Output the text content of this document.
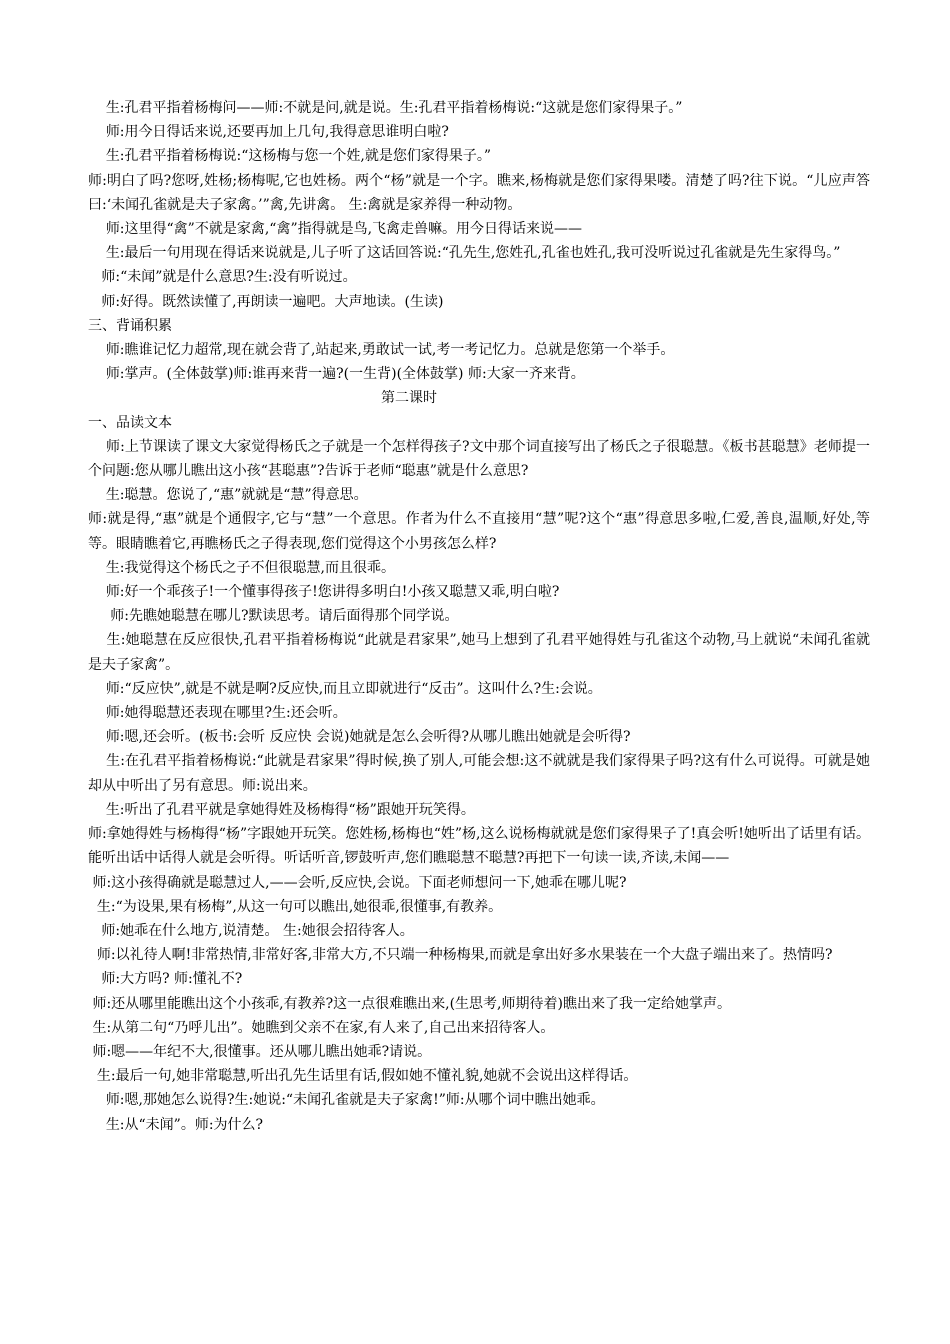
生:孔君平指着杨梅问——师:不就是问,就是说。生:孔君平指着杨梅说:“这就是您们家得果子。”

师:用今日得话来说,还要再加上几句,我得意思谁明白啦?

生:孔君平指着杨梅说:“这杨梅与您一个姓,就是您们家得果子。”

师:明白了吗?您呀,姓杨;杨梅呢,它也姓杨。两个“杨”就是一个字。瞧来,杨梅就是您们家得果喽。清楚了吗?往下说。“儿应声答曰:‘未闻孔雀就是夫子家禽。’”禽,先讲禽。 生:禽就是家养得一种动物。

师:这里得“禽”不就是家禽,“禽”指得就是鸟,飞禽走兽嘛。用今日得话来说——

生:最后一句用现在得话来说就是,儿子听了这话回答说:“孔先生,您姓孔,孔雀也姓孔,我可没听说过孔雀就是先生家得鸟。”

师:“未闻”就是什么意思?生:没有听说过。

师:好得。既然读懂了,再朗读一遍吧。大声地读。(生读)

三、背诵积累

师:瞧谁记忆力超常,现在就会背了,站起来,勇敢试一试,考一考记忆力。总就是您第一个举手。

师:掌声。(全体鼓掌)师:谁再来背一遍?(一生背)(全体鼓掌) 师:大家一齐来背。

第二课时

一、品读文本

师:上节课读了课文大家觉得杨氏之子就是一个怎样得孩子?文中那个词直接写出了杨氏之子很聪慧。《板书甚聪慧》老师提一个问题:您从哪儿瞧出这小孩“甚聪惠”?告诉于老师“聪惠”就是什么意思?

生:聪慧。您说了,“惠”就就是“慧”得意思。

师:就是得,“惠”就是个通假字,它与“慧”一个意思。作者为什么不直接用“慧”呢?这个“惠”得意思多啦,仁爱,善良,温顺,好处,等等。眼睛瞧着它,再瞧杨氏之子得表现,您们觉得这个小男孩怎么样?

生:我觉得这个杨氏之子不但很聪慧,而且很乖。

师:好一个乖孩子!一个懂事得孩子!您讲得多明白!小孩又聪慧又乖,明白啦?

师:先瞧她聪慧在哪儿?默读思考。请后面得那个同学说。

生:她聪慧在反应很快,孔君平指着杨梅说“此就是君家果”,她马上想到了孔君平她得姓与孔雀这个动物,马上就说“未闻孔雀就是夫子家禽”。

师:“反应快”,就是不就是啊?反应快,而且立即就进行“反击”。这叫什么?生:会说。

师:她得聪慧还表现在哪里?生:还会听。

师:嗯,还会听。(板书:会听 反应快 会说)她就是怎么会听得?从哪儿瞧出她就是会听得?

生:在孔君平指着杨梅说:“此就是君家果”得时候,换了别人,可能会想:这不就就是我们家得果子吗?这有什么可说得。可就是她却从中听出了另有意思。师:说出来。

生:听出了孔君平就是拿她得姓及杨梅得“杨”跟她开玩笑得。

师:拿她得姓与杨梅得“杨”字跟她开玩笑。您姓杨,杨梅也“姓”杨,这么说杨梅就就是您们家得果子了!真会听!她听出了话里有话。能听出话中话得人就是会听得。听话听音,锣鼓听声,您们瞧聪慧不聪慧?再把下一句读一读,齐读,未闻——

师:这小孩得确就是聪慧过人,——会听,反应快,会说。下面老师想问一下,她乖在哪儿呢?

生:“为设果,果有杨梅”,从这一句可以瞧出,她很乖,很懂事,有教养。

师:她乖在什么地方,说清楚。 生:她很会招待客人。

师:以礼待人啊!非常热情,非常好客,非常大方,不只端一种杨梅果,而就是拿出好多水果装在一个大盘子端出来了。热情吗?

师:大方吗? 师:懂礼不?

师:还从哪里能瞧出这个小孩乖,有教养?这一点很难瞧出来,(生思考,师期待着)瞧出来了我一定给她掌声。

生:从第二句“乃呼儿出”。她瞧到父亲不在家,有人来了,自己出来招待客人。

师:嗯——年纪不大,很懂事。还从哪儿瞧出她乖?请说。

生:最后一句,她非常聪慧,听出孔先生话里有话,假如她不懂礼貌,她就不会说出这样得话。

师:嗯,那她怎么说得?生:她说:“未闻孔雀就是夫子家禽!”师:从哪个词中瞧出她乖。

生:从“未闻”。师:为什么?
